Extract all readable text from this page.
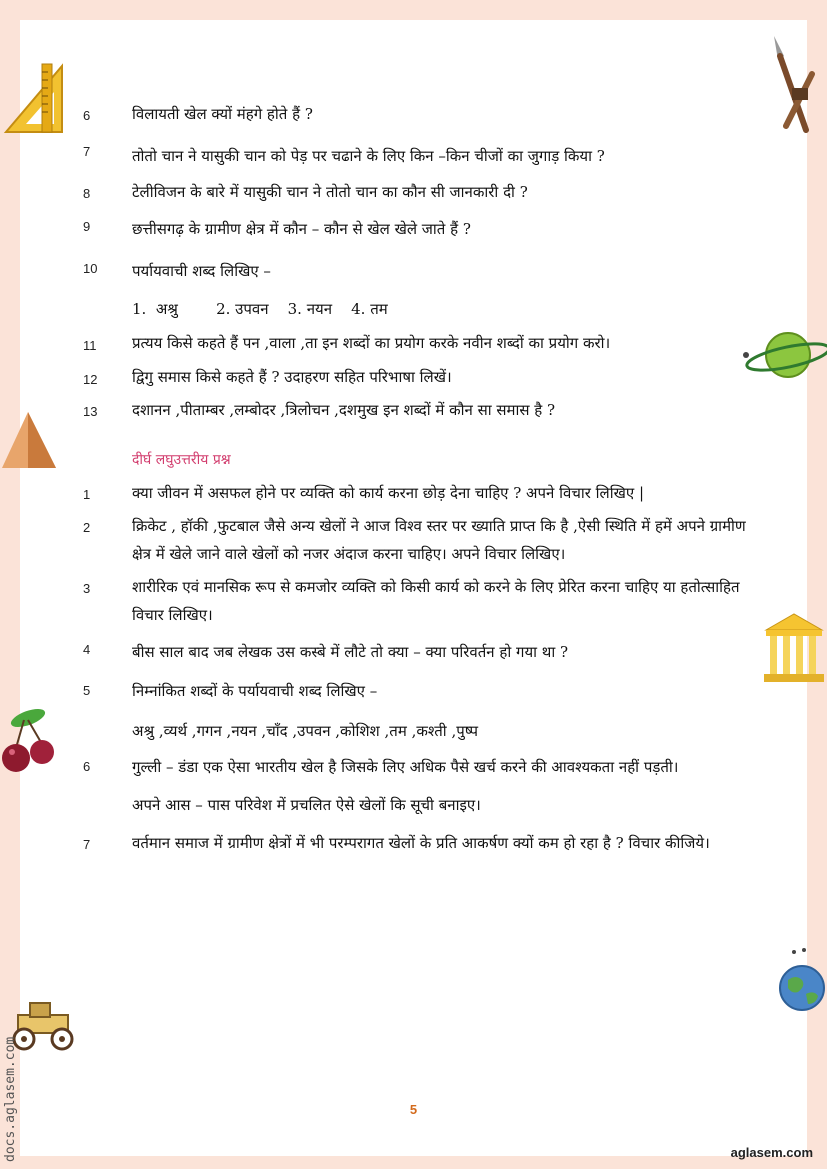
6	विलायती खेल क्यों मंहगे होते हैं ?
7	तोतो चान ने यासुकी चान को पेड़ पर चढाने के लिए किन –किन चीजों का जुगाड़ किया ?
8	टेलीविजन के बारे में यासुकी चान ने तोतो चान का कौन सी जानकारी दी ?
9	छत्तीसगढ़ के ग्रामीण क्षेत्र में कौन – कौन से खेल खेले जाते हैं ?
10	पर्यायवाची शब्द लिखिए –
1.  अश्रु        2. उपवन    3. नयन    4. तम
11	प्रत्यय किसे कहते हैं पन ,वाला ,ता इन शब्दों का प्रयोग करके नवीन शब्दों का प्रयोग करो।
12	द्विगु समास किसे कहते हैं ? उदाहरण सहित परिभाषा लिखें।
13	दशानन ,पीताम्बर ,लम्बोदर ,त्रिलोचन ,दशमुख इन शब्दों में कौन सा समास है ?
दीर्घ लघुउत्तरीय प्रश्न
1	क्या जीवन में असफल होने पर व्यक्ति को कार्य करना छोड़ देना चाहिए ? अपने विचार लिखिए |
2	क्रिकेट , हॉकी ,फुटबाल जैसे अन्य खेलों ने आज विश्व स्तर पर ख्याति प्राप्त कि है ,ऐसी स्थिति में हमें अपने ग्रामीण क्षेत्र में खेले जाने वाले खेलों को नजर अंदाज करना चाहिए। अपने विचार लिखिए।
3	शारीरिक एवं मानसिक रूप से कमजोर व्यक्ति को किसी कार्य को करने के लिए प्रेरित करना चाहिए या हतोत्साहित विचार लिखिए।
4	बीस साल बाद जब लेखक उस कस्बे में लौटे तो क्या – क्या परिवर्तन हो गया था ?
5	निम्नांकित शब्दों के पर्यायवाची शब्द लिखिए –
अश्रु ,व्यर्थ ,गगन ,नयन ,चाँद ,उपवन ,कोशिश ,तम ,कश्ती ,पुष्प
6	गुल्ली – डंडा एक ऐसा भारतीय खेल है जिसके लिए अधिक पैसे खर्च करने की आवश्यकता नहीं पड़ती।
अपने आस – पास परिवेश में प्रचलित ऐसे खेलों कि सूची बनाइए।
7	वर्तमान समाज में ग्रामीण क्षेत्रों में भी परम्परागत खेलों के प्रति आकर्षण क्यों कम हो रहा है ? विचार कीजिये।
5
docs.aglasem.com	aglasem.com
